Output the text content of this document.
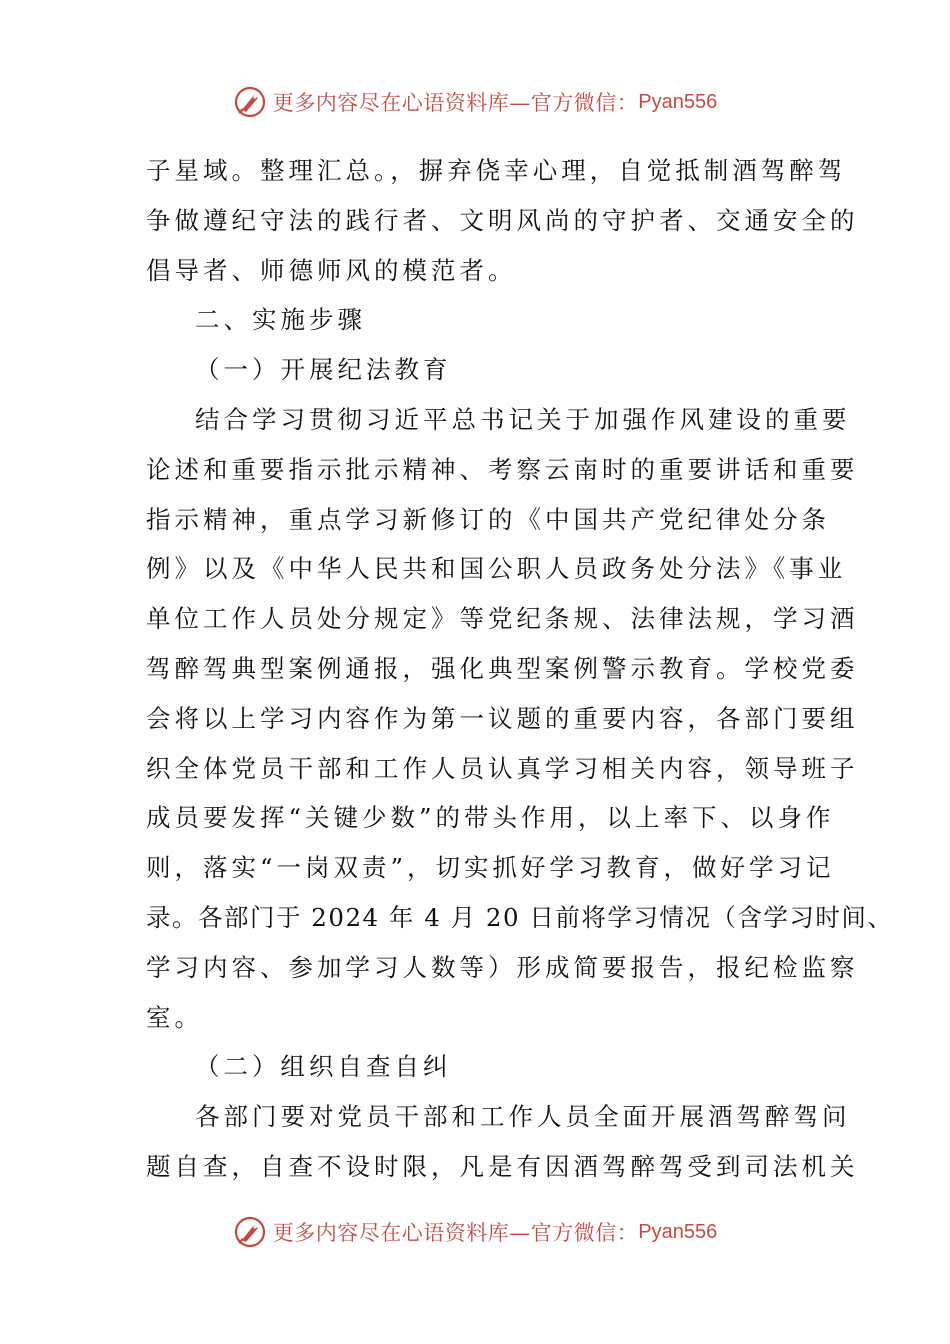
更多内容尽在心语资料库—官方微信： Pyan556
子星域。整理汇总。，摒弃侥幸心理，自觉抵制酒驾醉驾
争做遵纪守法的践行者、文明风尚的守护者、交通安全的
倡导者、师德师风的模范者。
二、实施步骤
（一）开展纪法教育
结合学习贯彻习近平总书记关于加强作风建设的重要
论述和重要指示批示精神、考察云南时的重要讲话和重要
指示精神，重点学习新修订的《中国共产党纪律处分条
例》以及《中华人民共和国公职人员政务处分法》《事业
单位工作人员处分规定》等党纪条规、法律法规，学习酒
驾醉驾典型案例通报，强化典型案例警示教育。学校党委
会将以上学习内容作为第一议题的重要内容，各部门要组
织全体党员干部和工作人员认真学习相关内容，领导班子
成员要发挥“关键少数”的带头作用，以上率下、以身作
则，落实“一岗双责”，切实抓好学习教育，做好学习记
录。各部门于 2024 年 4 月 20 日前将学习情况（含学习时间、
学习内容、参加学习人数等）形成简要报告，报纪检监察
室。
（二）组织自查自纠
各部门要对党员干部和工作人员全面开展酒驾醉驾问
题自查，自查不设时限，凡是有因酒驾醉驾受到司法机关
更多内容尽在心语资料库—官方微信： Pyan556
